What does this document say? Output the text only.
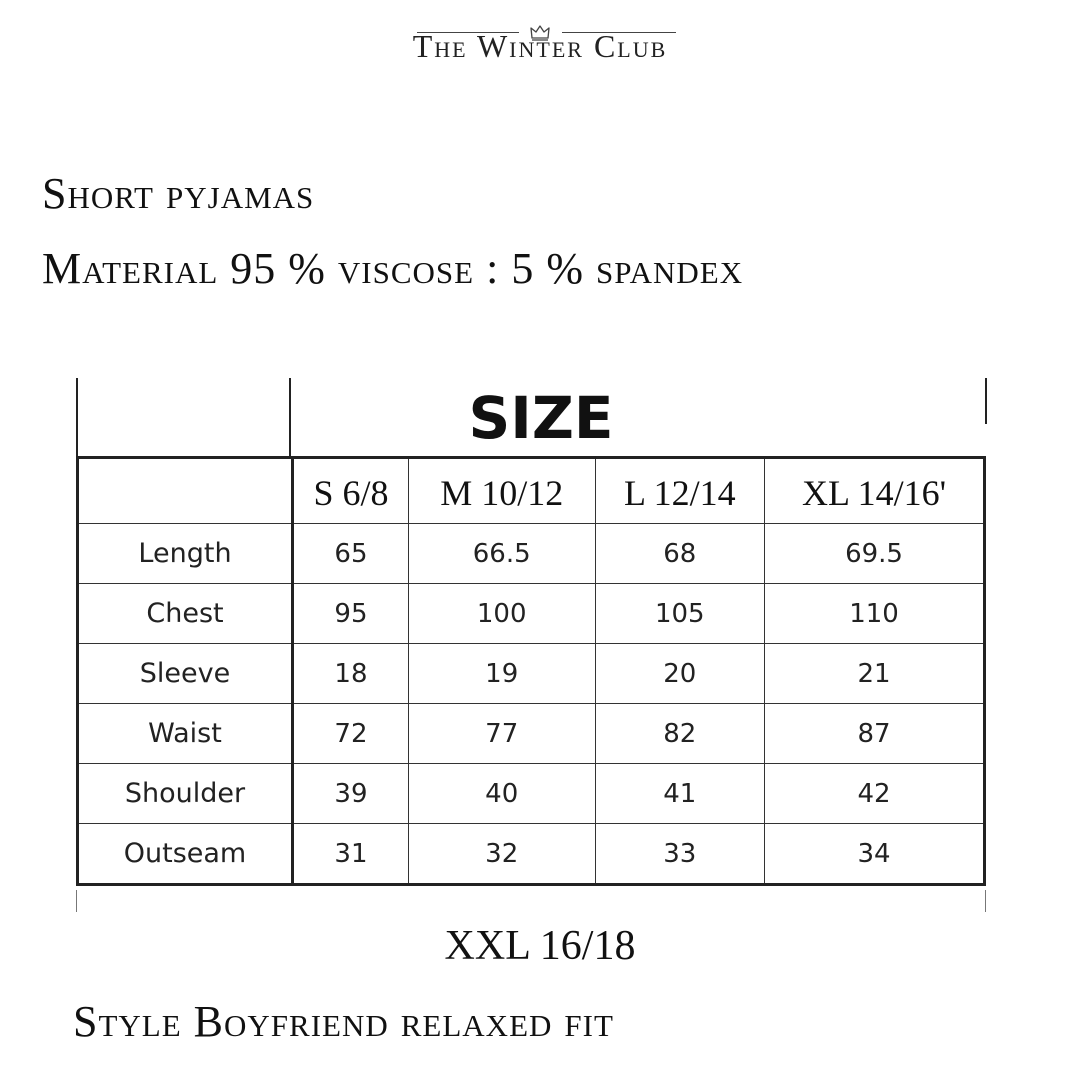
The Winter Club
Short pyjamas
Material 95 % viscose : 5 % spandex
SIZE
	S 6/8	M 10/12	L 12/14	XL 14/16'
Length	65	66.5	68	69.5
Chest	95	100	105	110
Sleeve	18	19	20	21
Waist	72	77	82	87
Shoulder	39	40	41	42
Outseam	31	32	33	34
XXL 16/18
Style Boyfriend relaxed fit
